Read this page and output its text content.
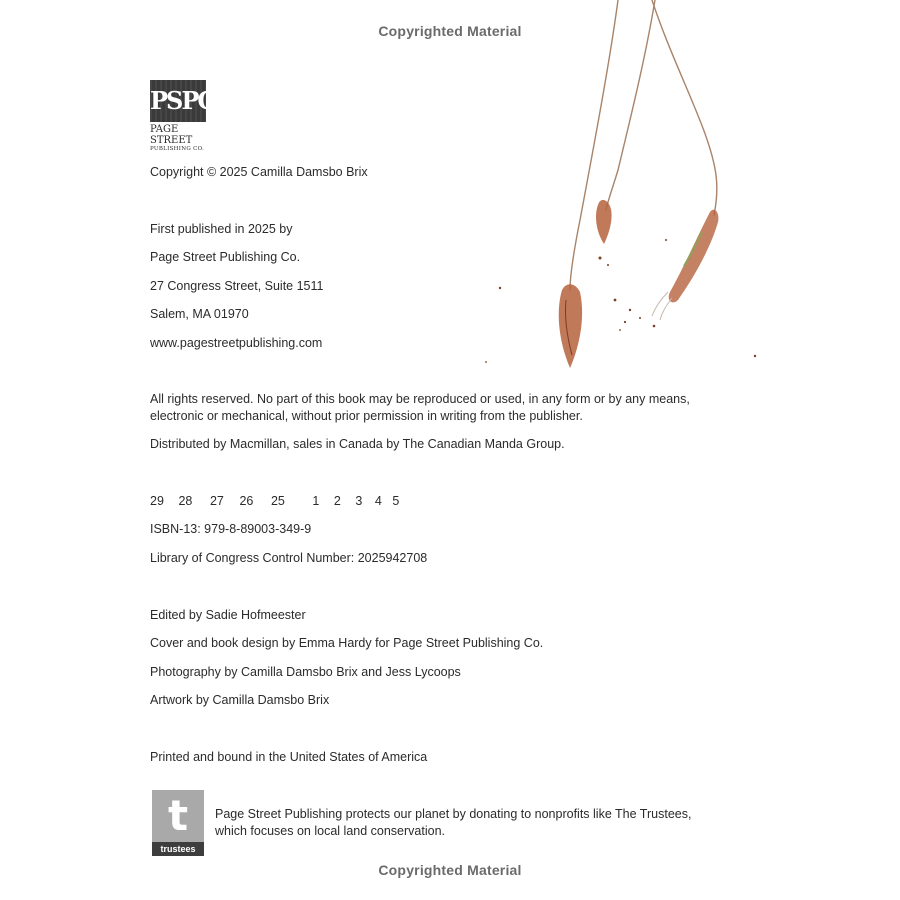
Copyrighted Material
PSPC
PAGE STREET
PUBLISHING CO.
Copyright © 2025 Camilla Damsbo Brix
First published in 2025 by
Page Street Publishing Co.
27 Congress Street, Suite 1511
Salem, MA 01970
www.pagestreetpublishing.com
All rights reserved. No part of this book may be reproduced or used, in any form or by any means, electronic or mechanical, without prior permission in writing from the publisher.
Distributed by Macmillan, sales in Canada by The Canadian Manda Group.
29 28 27 26 25 1 2 3 4 5
ISBN-13: 979-8-89003-349-9
Library of Congress Control Number: 2025942708
Edited by Sadie Hofmeester
Cover and book design by Emma Hardy for Page Street Publishing Co.
Photography by Camilla Damsbo Brix and Jess Lycoops
Artwork by Camilla Damsbo Brix
Printed and bound in the United States of America
t
trustees
Page Street Publishing protects our planet by donating to nonprofits like The Trustees, which focuses on local land conservation.
Copyrighted Material
